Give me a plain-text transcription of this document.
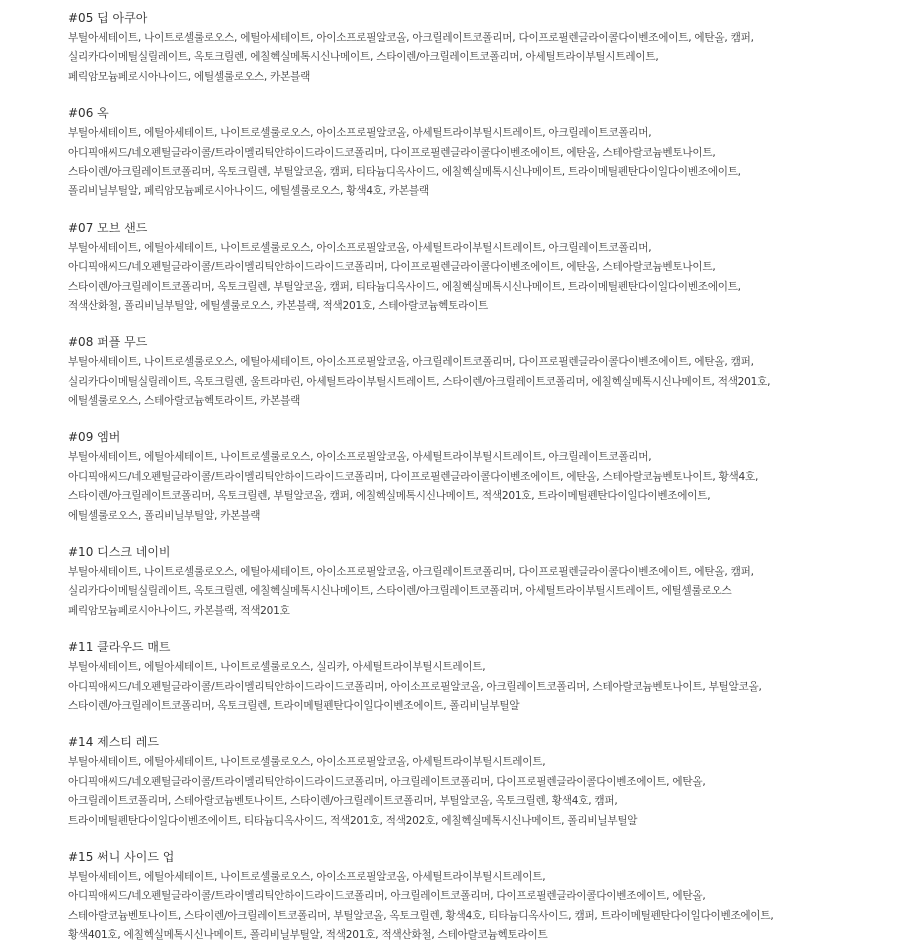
#05 딥 아쿠아
부틸아세테이트, 나이트로셀룰로오스, 에틸아세테이트, 아이소프로필알코올, 아크릴레이트코폴리머, 다이프로필렌글라이콜다이벤조에이트, 에탄올, 캠퍼,
실리카다이메틸실릴레이트, 옥토크릴렌, 에칠헥실메톡시신나메이트, 스타이렌/아크릴레이트코폴리머, 아세틸트라이부틸시트레이트,
페릭암모늄페로시아나이드, 에틸셀룰로오스, 카본블랙
#06 옥
부틸아세테이트, 에틸아세테이트, 나이트로셀룰로오스, 아이소프로필알코올, 아세틸트라이부틸시트레이트, 아크릴레이트코폴리머,
아디픽애씨드/네오펜틸글라이콜/트라이멜리틱안하이드라이드코폴리머, 다이프로필렌글라이콜다이벤조에이트, 에탄올, 스테아랄코늄벤토나이트,
스타이렌/아크릴레이트코폴리머, 옥토크릴렌, 부틸알코올, 캠퍼, 티타늄디옥사이드, 에칠헥실메톡시신나메이트, 트라이메틸펜탄다이일다이벤조에이트,
폴리비닐부틸알, 페릭암모늄페로시아나이드, 에틸셀룰로오스, 황색4호, 카본블랙
#07 모브 샌드
부틸아세테이트, 에틸아세테이트, 나이트로셀룰로오스, 아이소프로필알코올, 아세틸트라이부틸시트레이트, 아크릴레이트코폴리머,
아디픽애씨드/네오펜틸글라이콜/트라이멜리틱안하이드라이드코폴리머, 다이프로필렌글라이콜다이벤조에이트, 에탄올, 스테아랄코늄벤토나이트,
스타이렌/아크릴레이트코폴리머, 옥토크릴렌, 부틸알코올, 캠퍼, 티타늄디옥사이드, 에칠헥실메톡시신나메이트, 트라이메틸펜탄다이일다이벤조에이트,
적색산화철, 폴리비닐부틸알, 에틸셀룰로오스, 카본블랙, 적색201호, 스테아랄코늄헥토라이트
#08 퍼플 무드
부틸아세테이트, 나이트로셀룰로오스, 에틸아세테이트, 아이소프로필알코올, 아크릴레이트코폴리머, 다이프로필렌글라이콜다이벤조에이트, 에탄올, 캠퍼,
실리카다이메틸실릴레이트, 옥토크릴렌, 울트라마린, 아세틸트라이부틸시트레이트, 스타이렌/아크릴레이트코폴리머, 에칠헥실메톡시신나메이트, 적색201호,
에틸셀룰로오스, 스테아랄코늄헥토라이트, 카본블랙
#09 엠버
부틸아세테이트, 에틸아세테이트, 나이트로셀룰로오스, 아이소프로필알코올, 아세틸트라이부틸시트레이트, 아크릴레이트코폴리머,
아디픽애씨드/네오펜틸글라이콜/트라이멜리틱안하이드라이드코폴리머, 다이프로필렌글라이콜다이벤조에이트, 에탄올, 스테아랄코늄벤토나이트, 황색4호,
스타이렌/아크릴레이트코폴리머, 옥토크릴렌, 부틸알코올, 캠퍼, 에칠헥실메톡시신나메이트, 적색201호, 트라이메틸펜탄다이일다이벤조에이트,
에틸셀룰로오스, 폴리비닐부틸알, 카본블랙
#10 디스크 네이비
부틸아세테이트, 나이트로셀룰로오스, 에틸아세테이트, 아이소프로필알코올, 아크릴레이트코폴리머, 다이프로필렌글라이콜다이벤조에이트, 에탄올, 캠퍼,
실리카다이메틸실릴레이트, 옥토크릴렌, 에칠헥실메톡시신나메이트, 스타이렌/아크릴레이트코폴리머, 아세틸트라이부틸시트레이트, 에틸셀룰로오스
페릭암모늄페로시아나이드, 카본블랙, 적색201호
#11 클라우드 매트
부틸아세테이트, 에틸아세테이트, 나이트로셀룰로오스, 실리카, 아세틸트라이부틸시트레이트,
아디픽애씨드/네오펜틸글라이콜/트라이멜리틱안하이드라이드코폴리머, 아이소프로필알코올, 아크릴레이트코폴리머, 스테아랄코늄벤토나이트, 부틸알코올,
스타이렌/아크릴레이트코폴리머, 옥토크릴렌, 트라이메틸펜탄다이일다이벤조에이트, 폴리비닐부틸알
#14 제스티 레드
부틸아세테이트, 에틸아세테이트, 나이트로셀룰로오스, 아이소프로필알코올, 아세틸트라이부틸시트레이트,
아디픽애씨드/네오펜틸글라이콜/트라이멜리틱안하이드라이드코폴리머, 아크릴레이트코폴리머, 다이프로필렌글라이콜다이벤조에이트, 에탄올,
아크릴레이트코폴리머, 스테아랄코늄벤토나이트, 스타이렌/아크릴레이트코폴리머, 부틸알코올, 옥토크릴렌, 황색4호, 캠퍼,
트라이메틸펜탄다이일다이벤조에이트, 티타늄디옥사이드, 적색201호, 적색202호, 에칠헥실메톡시신나메이트, 폴리비닐부틸알
#15 써니 사이드 업
부틸아세테이트, 에틸아세테이트, 나이트로셀룰로오스, 아이소프로필알코올, 아세틸트라이부틸시트레이트,
아디픽애씨드/네오펜틸글라이콜/트라이멜리틱안하이드라이드코폴리머, 아크릴레이트코폴리머, 다이프로필렌글라이콜다이벤조에이트, 에탄올,
스테아랄코늄벤토나이트, 스타이렌/아크릴레이트코폴리머, 부틸알코올, 옥토크릴렌, 황색4호, 티타늄디옥사이드, 캠퍼, 트라이메틸펜탄다이일다이벤조에이트,
황색401호, 에칠헥실메톡시신나메이트, 폴리비닐부틸알, 적색201호, 적색산화철, 스테아랄코늄헥토라이트
